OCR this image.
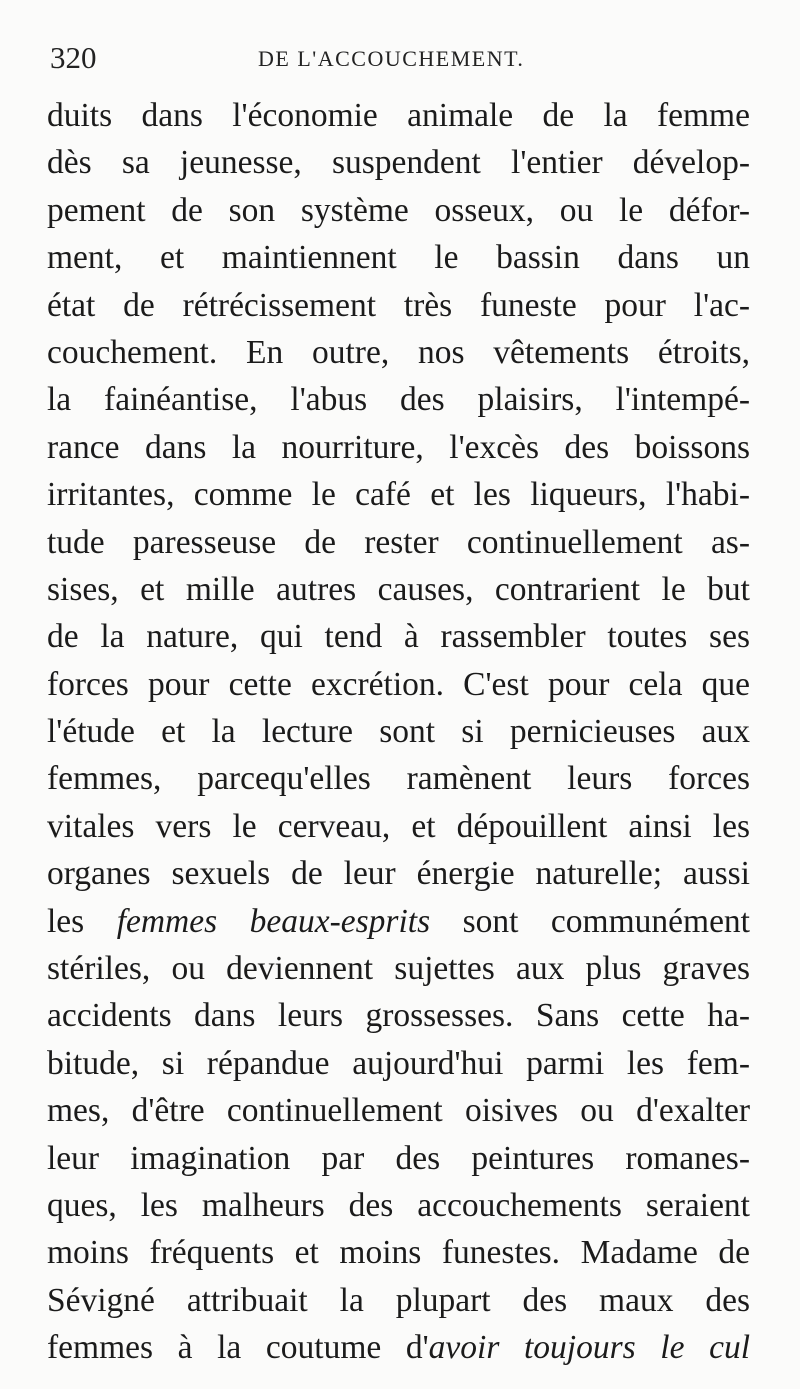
320	DE L'ACCOUCHEMENT.
duits dans l'économie animale de la femme
dès sa jeunesse, suspendent l'entier dévelop-
pement de son système osseux, ou le défor-
ment, et maintiennent le bassin dans un
état de rétrécissement très funeste pour l'ac-
couchement. En outre, nos vêtements étroits,
la fainéantise, l'abus des plaisirs, l'intempé-
rance dans la nourriture, l'excès des boissons
irritantes, comme le café et les liqueurs, l'habi-
tude paresseuse de rester continuellement as-
sises, et mille autres causes, contrarient le but
de la nature, qui tend à rassembler toutes ses
forces pour cette excrétion. C'est pour cela que
l'étude et la lecture sont si pernicieuses aux
femmes, parcequ'elles ramènent leurs forces
vitales vers le cerveau, et dépouillent ainsi les
organes sexuels de leur énergie naturelle; aussi
les femmes beaux-esprits sont communément
stériles, ou deviennent sujettes aux plus graves
accidents dans leurs grossesses. Sans cette ha-
bitude, si répandue aujourd'hui parmi les fem-
mes, d'être continuellement oisives ou d'exalter
leur imagination par des peintures romanes-
ques, les malheurs des accouchements seraient
moins fréquents et moins funestes. Madame de
Sévigné attribuait la plupart des maux des
femmes à la coutume d'avoir toujours le cul
